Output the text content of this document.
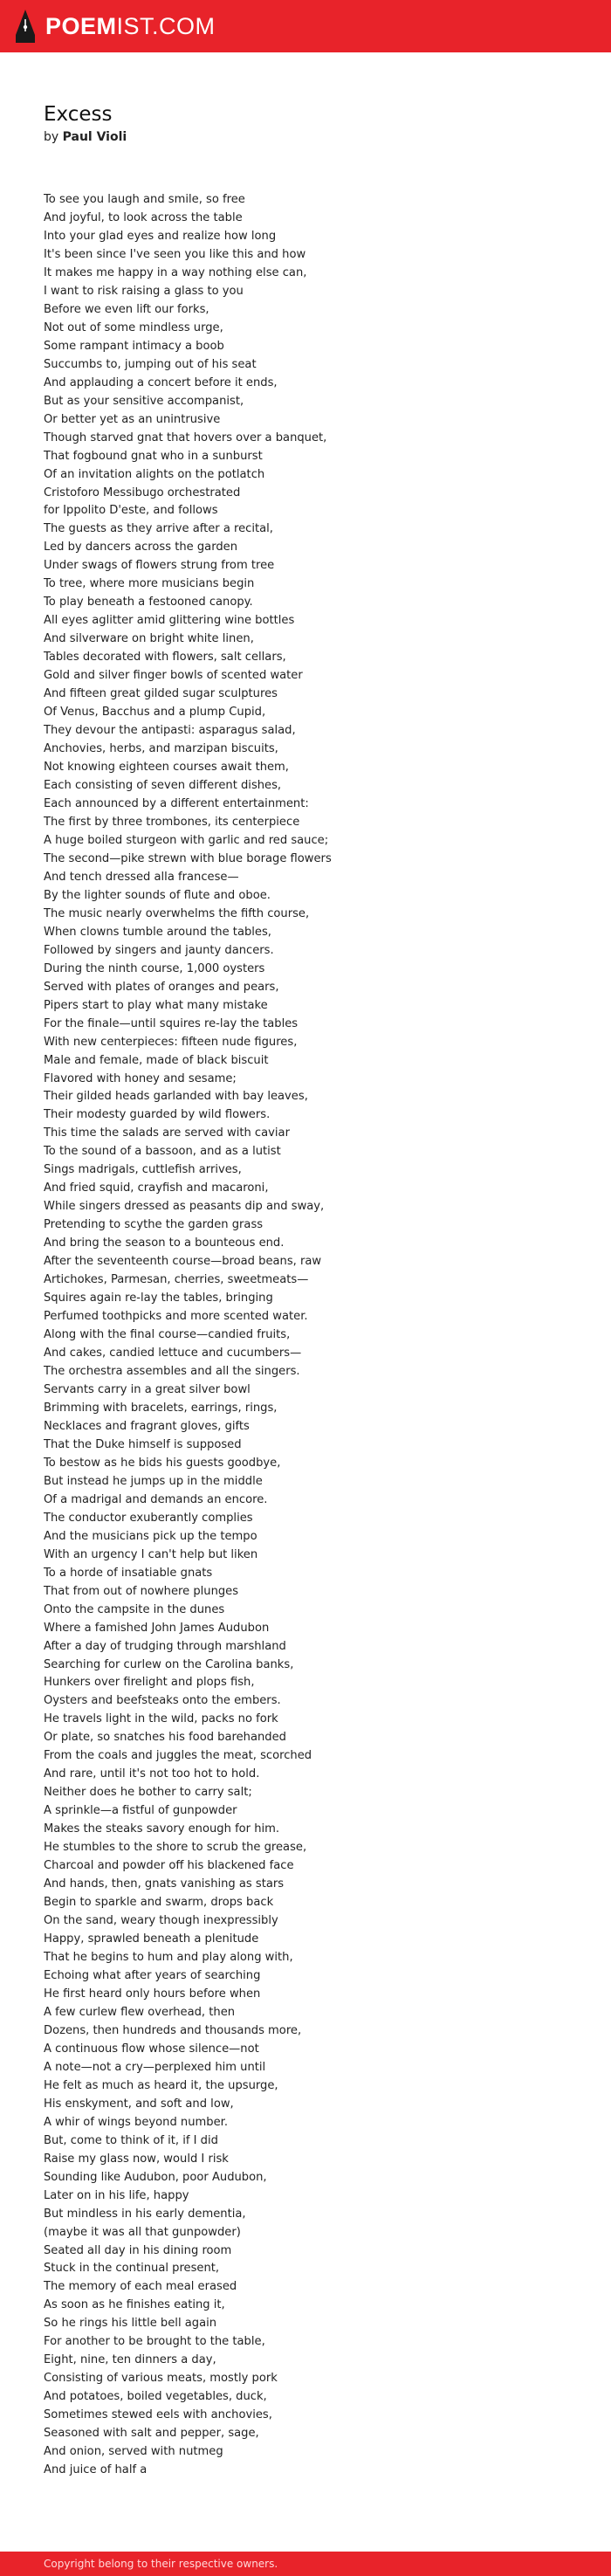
POEMIST.COM
Excess
by Paul Violi
To see you laugh and smile, so free
And joyful, to look across the table
Into your glad eyes and realize how long
It's been since I've seen you like this and how
It makes me happy in a way nothing else can,
I want to risk raising a glass to you
Before we even lift our forks,
Not out of some mindless urge,
Some rampant intimacy a boob
Succumbs to, jumping out of his seat
And applauding a concert before it ends,
But as your sensitive accompanist,
Or better yet as an unintrusive
Though starved gnat that hovers over a banquet,
That fogbound gnat who in a sunburst
Of an invitation alights on the potlatch
Cristoforo Messibugo orchestrated
for Ippolito D'este, and follows
The guests as they arrive after a recital,
Led by dancers across the garden
Under swags of flowers strung from tree
To tree, where more musicians begin
To play beneath a festooned canopy.
All eyes aglitter amid glittering wine bottles
And silverware on bright white linen,
Tables decorated with flowers, salt cellars,
Gold and silver finger bowls of scented water
And fifteen great gilded sugar sculptures
Of Venus, Bacchus and a plump Cupid,
They devour the antipasti: asparagus salad,
Anchovies, herbs, and marzipan biscuits,
Not knowing eighteen courses await them,
Each consisting of seven different dishes,
Each announced by a different entertainment:
The first by three trombones, its centerpiece
A huge boiled sturgeon with garlic and red sauce;
The second—pike strewn with blue borage flowers
And tench dressed alla francese—
By the lighter sounds of flute and oboe.
The music nearly overwhelms the fifth course,
When clowns tumble around the tables,
Followed by singers and jaunty dancers.
During the ninth course, 1,000 oysters
Served with plates of oranges and pears,
Pipers start to play what many mistake
For the finale—until squires re-lay the tables
With new centerpieces: fifteen nude figures,
Male and female, made of black biscuit
Flavored with honey and sesame;
Their gilded heads garlanded with bay leaves,
Their modesty guarded by wild flowers.
This time the salads are served with caviar
To the sound of a bassoon, and as a lutist
Sings madrigals, cuttlefish arrives,
And fried squid, crayfish and macaroni,
While singers dressed as peasants dip and sway,
Pretending to scythe the garden grass
And bring the season to a bounteous end.
After the seventeenth course—broad beans, raw
Artichokes, Parmesan, cherries, sweetmeats—
Squires again re-lay the tables, bringing
Perfumed toothpicks and more scented water.
Along with the final course—candied fruits,
And cakes, candied lettuce and cucumbers—
The orchestra assembles and all the singers.
Servants carry in a great silver bowl
Brimming with bracelets, earrings, rings,
Necklaces and fragrant gloves, gifts
That the Duke himself is supposed
To bestow as he bids his guests goodbye,
But instead he jumps up in the middle
Of a madrigal and demands an encore.
The conductor exuberantly complies
And the musicians pick up the tempo
With an urgency I can't help but liken
To a horde of insatiable gnats
That from out of nowhere plunges
Onto the campsite in the dunes
Where a famished John James Audubon
After a day of trudging through marshland
Searching for curlew on the Carolina banks,
Hunkers over firelight and plops fish,
Oysters and beefsteaks onto the embers.
He travels light in the wild, packs no fork
Or plate, so snatches his food barehanded
From the coals and juggles the meat, scorched
And rare, until it's not too hot to hold.
Neither does he bother to carry salt;
A sprinkle—a fistful of gunpowder
Makes the steaks savory enough for him.
He stumbles to the shore to scrub the grease,
Charcoal and powder off his blackened face
And hands, then, gnats vanishing as stars
Begin to sparkle and swarm, drops back
On the sand, weary though inexpressibly
Happy, sprawled beneath a plenitude
That he begins to hum and play along with,
Echoing what after years of searching
He first heard only hours before when
A few curlew flew overhead, then
Dozens, then hundreds and thousands more,
A continuous flow whose silence—not
A note—not a cry—perplexed him until
He felt as much as heard it, the upsurge,
His enskyment, and soft and low,
A whir of wings beyond number.
But, come to think of it, if I did
Raise my glass now, would I risk
Sounding like Audubon, poor Audubon,
Later on in his life, happy
But mindless in his early dementia,
(maybe it was all that gunpowder)
Seated all day in his dining room
Stuck in the continual present,
The memory of each meal erased
As soon as he finishes eating it,
So he rings his little bell again
For another to be brought to the table,
Eight, nine, ten dinners a day,
Consisting of various meats, mostly pork
And potatoes, boiled vegetables, duck,
Sometimes stewed eels with anchovies,
Seasoned with salt and pepper, sage,
And onion, served with nutmeg
And juice of half a
Copyright belong to their respective owners.
